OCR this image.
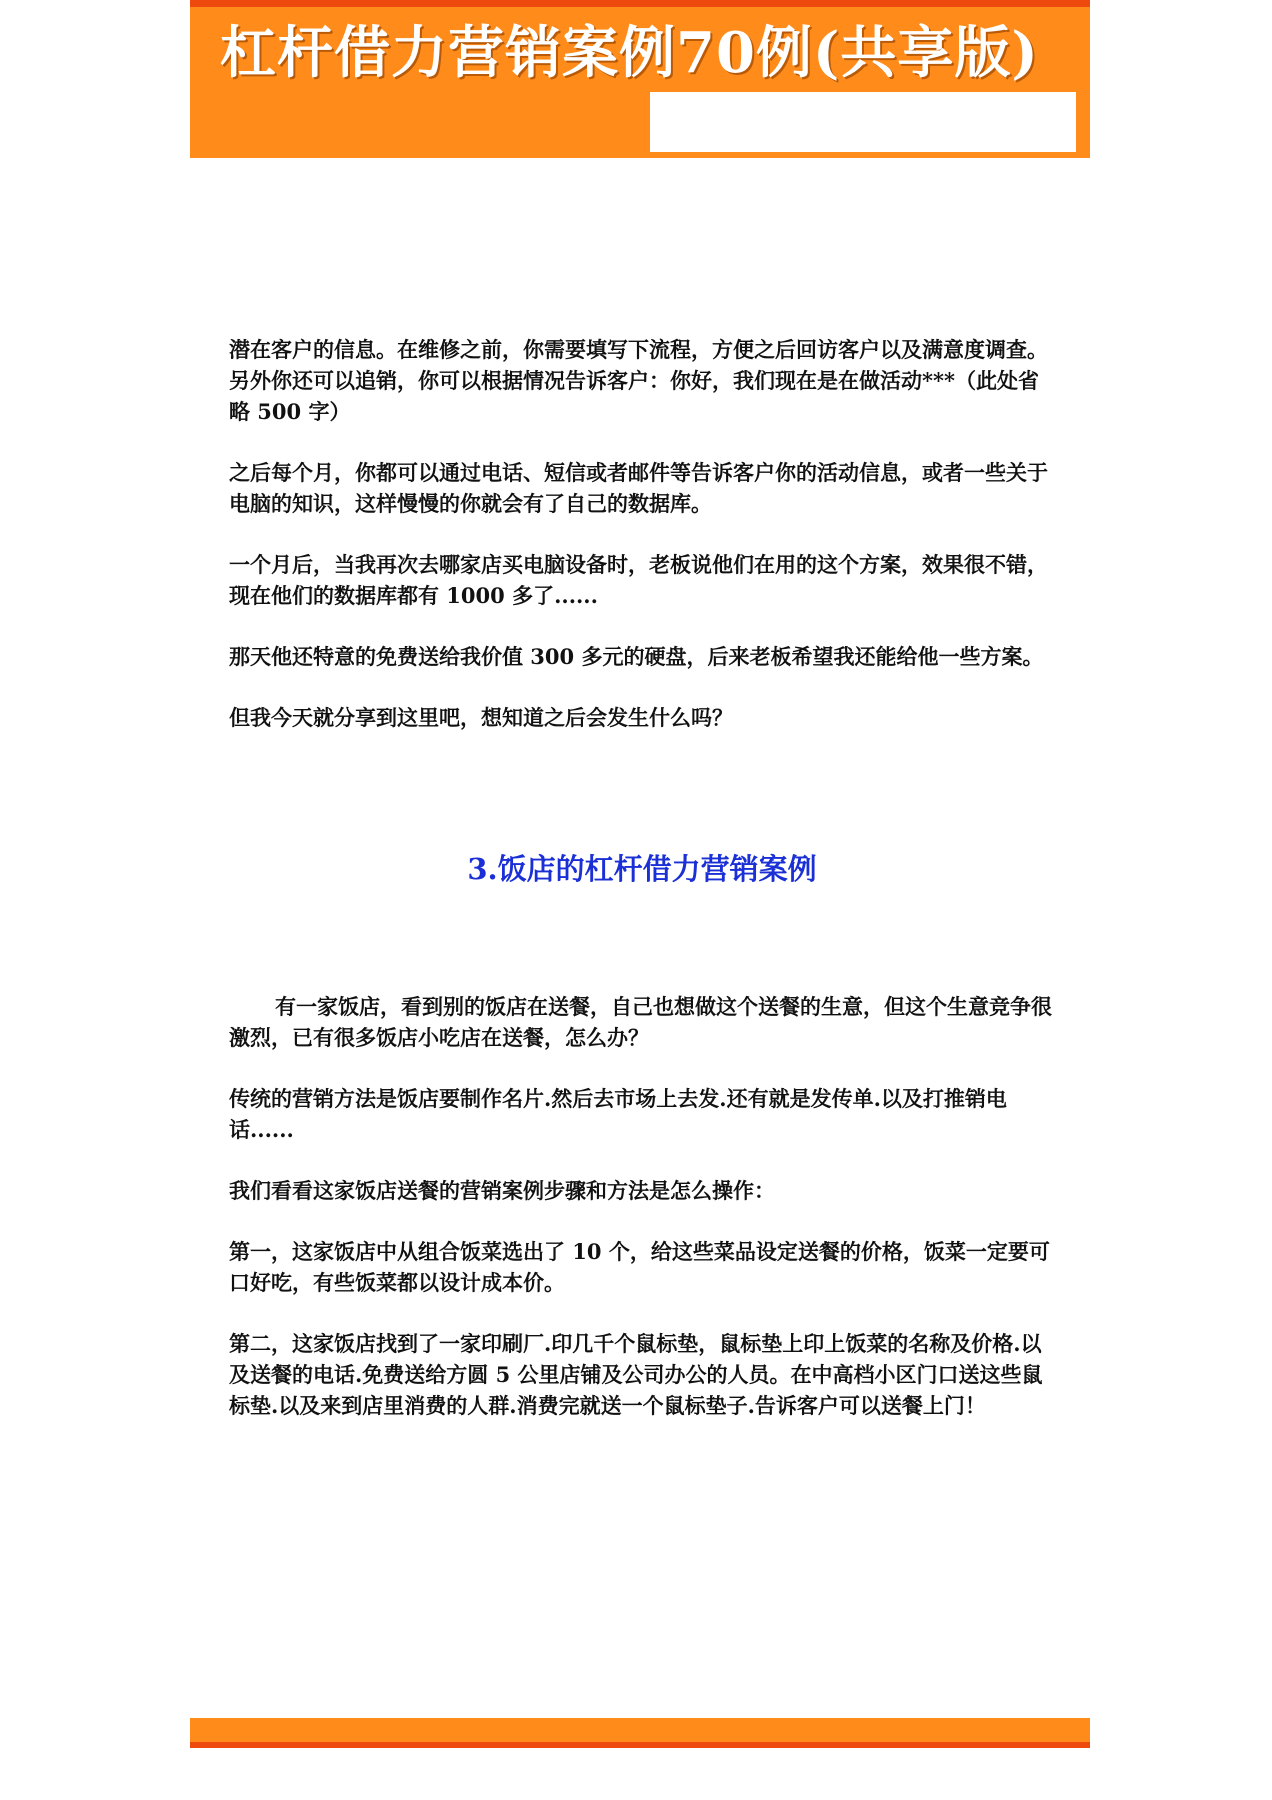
杠杆借力营销案例70例(共享版)

潜在客户的信息。在维修之前，你需要填写下流程，方便之后回访客户以及满意度调查。另外你还可以追销，你可以根据情况告诉客户：你好，我们现在是在做活动***（此处省略 500 字）

之后每个月，你都可以通过电话、短信或者邮件等告诉客户你的活动信息，或者一些关于电脑的知识，这样慢慢的你就会有了自己的数据库。

一个月后，当我再次去哪家店买电脑设备时，老板说他们在用的这个方案，效果很不错，现在他们的数据库都有 1000 多了......

那天他还特意的免费送给我价值 300 多元的硬盘，后来老板希望我还能给他一些方案。

但我今天就分享到这里吧，想知道之后会发生什么吗？

3.饭店的杠杆借力营销案例

有一家饭店，看到别的饭店在送餐，自己也想做这个送餐的生意，但这个生意竞争很激烈，已有很多饭店小吃店在送餐，怎么办？

传统的营销方法是饭店要制作名片.然后去市场上去发.还有就是发传单.以及打推销电话......

我们看看这家饭店送餐的营销案例步骤和方法是怎么操作：

第一，这家饭店中从组合饭菜选出了 10 个，给这些菜品设定送餐的价格，饭菜一定要可口好吃，有些饭菜都以设计成本价。

第二，这家饭店找到了一家印刷厂.印几千个鼠标垫，鼠标垫上印上饭菜的名称及价格.以及送餐的电话.免费送给方圆 5 公里店铺及公司办公的人员。在中高档小区门口送这些鼠标垫.以及来到店里消费的人群.消费完就送一个鼠标垫子.告诉客户可以送餐上门！
